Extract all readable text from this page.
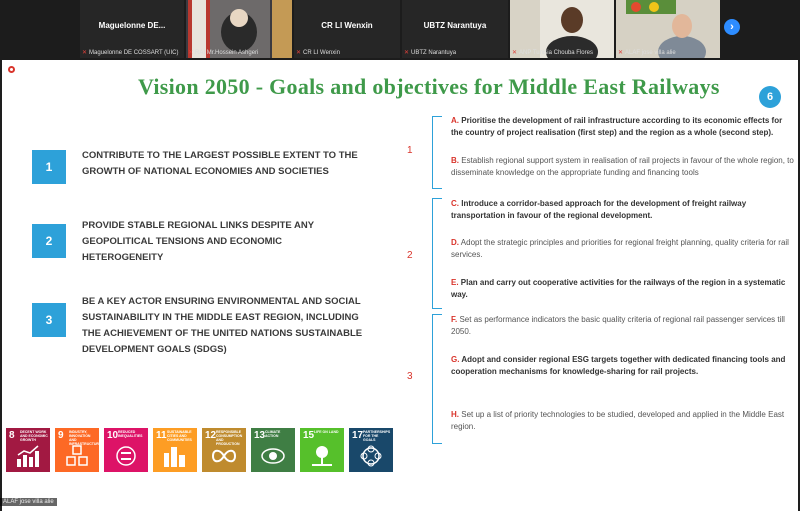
Maguelonne DE...
✕ Maguelonne DE COSSART (UIC) ✕ RAI Mr.Hossein Ashgeri
CR LI Wenxin
✕ CR LI Wenxin
UBTZ Narantuya
✕ UBTZ Narantuya	✕ ANP Tunisia Chouba Flores	✕ ALAF jose villa alie
›
Vision 2050 - Goals and objectives for Middle East Railways	6
1
CONTRIBUTE TO THE LARGEST POSSIBLE EXTENT TO THE GROWTH OF NATIONAL ECONOMIES AND SOCIETIES
2
PROVIDE STABLE REGIONAL LINKS DESPITE ANY GEOPOLITICAL TENSIONS AND ECONOMIC HETEROGENEITY
3
BE A KEY ACTOR ENSURING ENVIRONMENTAL AND SOCIAL SUSTAINABILITY IN THE MIDDLE EAST REGION, INCLUDING THE ACHIEVEMENT OF THE UNITED NATIONS SUSTAINABLE DEVELOPMENT GOALS (SDGS)
1
2
3
A. Prioritise the development of rail infrastructure according to its economic effects for the country of project realisation (first step) and the region as a whole (second step).
B. Establish regional support system in realisation of rail projects in favour of the whole region, to disseminate knowledge on the appropriate funding and financing tools
C. Introduce a corridor-based approach for the development of freight railway transportation in favour of the regional development.
D. Adopt the strategic principles and priorities for regional freight planning, quality criteria for rail services.
E. Plan and carry out cooperative activities for the railways of the region in a systematic way.
F. Set as performance indicators the basic quality criteria of regional rail passenger services till 2050.
G. Adopt and consider regional ESG targets together with dedicated financing tools and cooperation mechanisms for knowledge-sharing for rail projects.
H. Set up a list of priority technologies to be studied, developed and applied in the Middle East region.
8 DECENT WORK AND ECONOMIC GROWTH	9 INDUSTRY, INNOVATION AND INFRASTRUCTURE
10 REDUCED INEQUALITIES	11 SUSTAINABLE CITIES AND COMMUNITIES	12 RESPONSIBLE CONSUMPTION AND PRODUCTION
13 CLIMATE ACTION	15 LIFE ON LAND	17 PARTNERSHIPS FOR THE GOALS
ALAF jose villa alie
